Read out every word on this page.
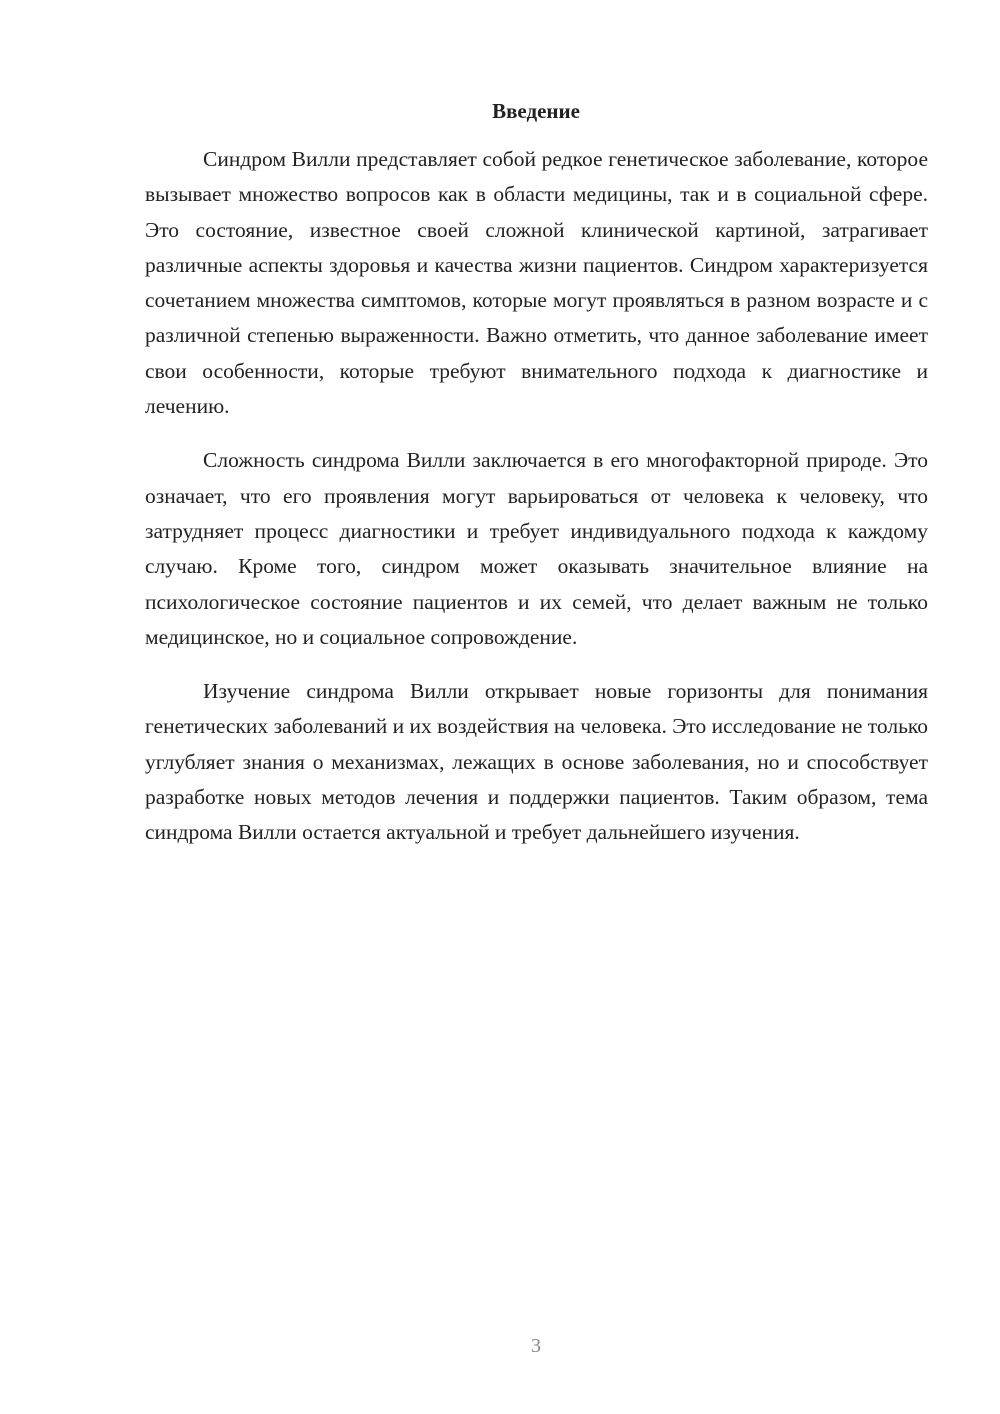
Введение

Синдром Вилли представляет собой редкое генетическое заболевание, которое вызывает множество вопросов как в области медицины, так и в социальной сфере. Это состояние, известное своей сложной клинической картиной, затрагивает различные аспекты здоровья и качества жизни пациентов. Синдром характеризуется сочетанием множества симптомов, которые могут проявляться в разном возрасте и с различной степенью выраженности. Важно отметить, что данное заболевание имеет свои особенности, которые требуют внимательного подхода к диагностике и лечению.

Сложность синдрома Вилли заключается в его многофакторной природе. Это означает, что его проявления могут варьироваться от человека к человеку, что затрудняет процесс диагностики и требует индивидуального подхода к каждому случаю. Кроме того, синдром может оказывать значительное влияние на психологическое состояние пациентов и их семей, что делает важным не только медицинское, но и социальное сопровождение.

Изучение синдрома Вилли открывает новые горизонты для понимания генетических заболеваний и их воздействия на человека. Это исследование не только углубляет знания о механизмах, лежащих в основе заболевания, но и способствует разработке новых методов лечения и поддержки пациентов. Таким образом, тема синдрома Вилли остается актуальной и требует дальнейшего изучения.

3
